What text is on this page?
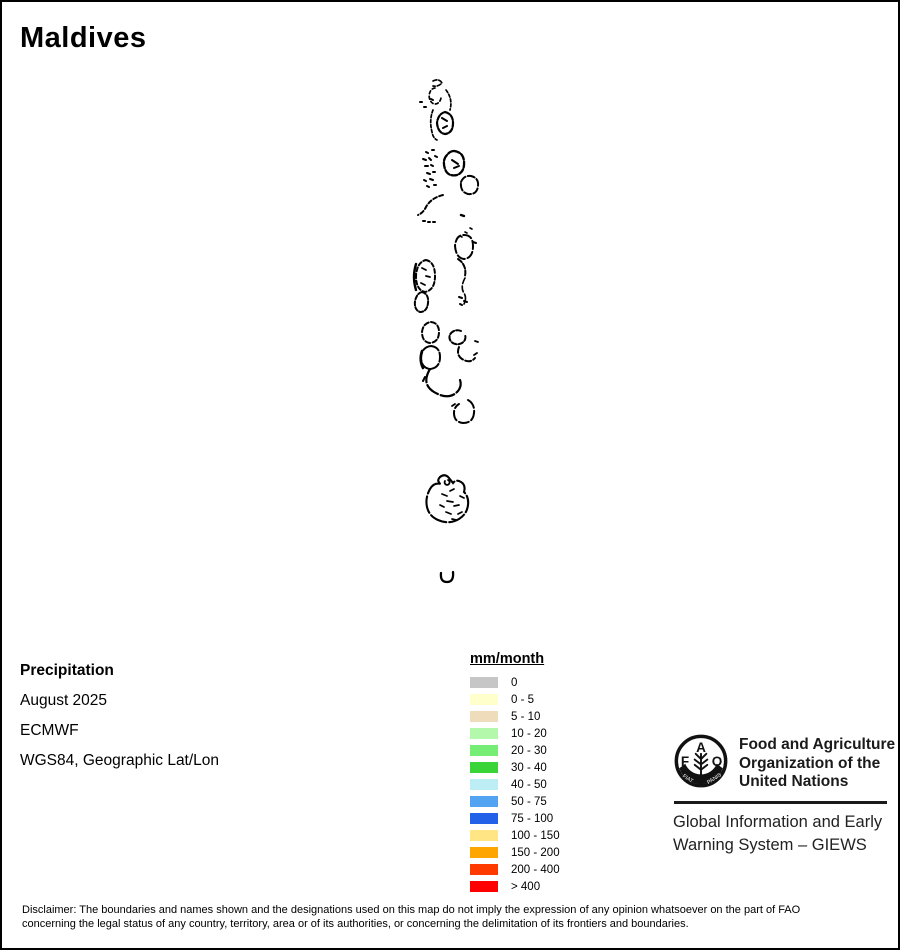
Maldives
Precipitation
August 2025
ECMWF
WGS84, Geographic Lat/Lon
mm/month
0
0 - 5
5 - 10
10 - 20
20 - 30
30 - 40
40 - 50
50 - 75
75 - 100
100 - 150
150 - 200
200 - 400
> 400
A
F O
FIAT PANIS
Food and Agriculture
Organization of the
United Nations
Global Information and Early
Warning System – GIEWS
Disclaimer: The boundaries and names shown and the designations used on this map do not imply the expression of any opinion whatsoever on the part of FAO
concerning the legal status of any country, territory, area or of its authorities, or concerning the delimitation of its frontiers and boundaries.
